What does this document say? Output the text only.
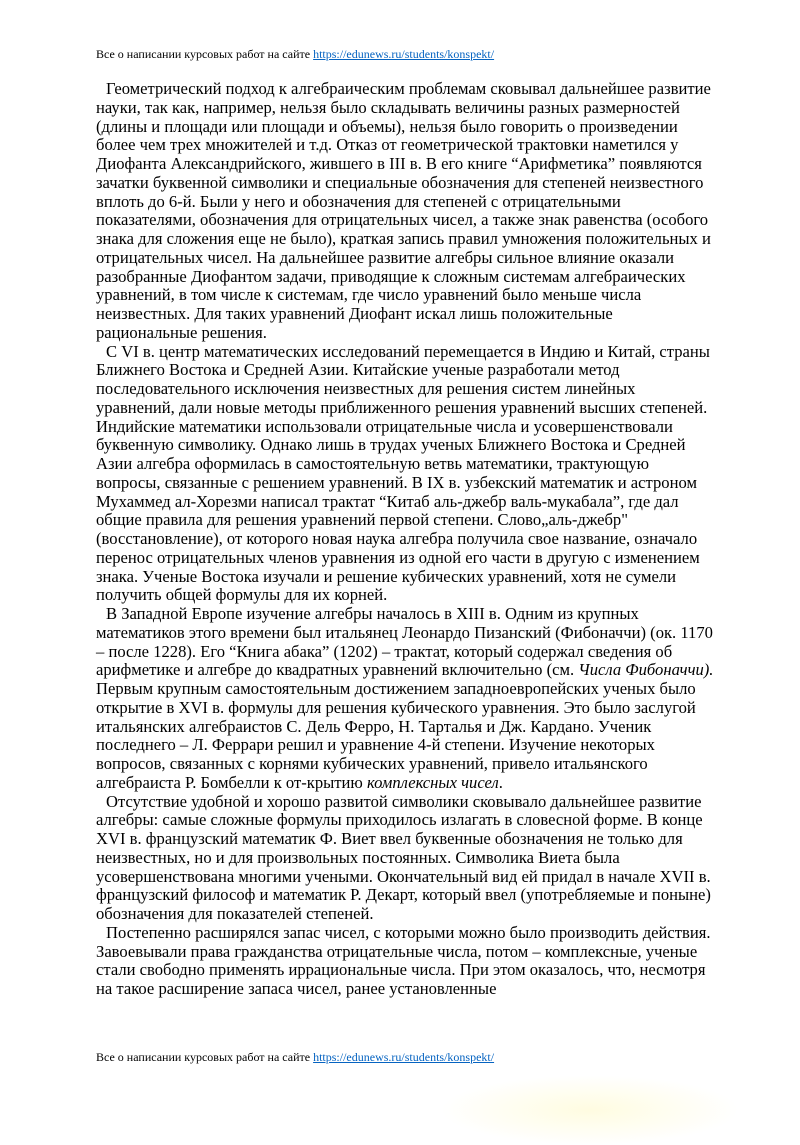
Все о написании курсовых работ на сайте https://edunews.ru/students/konspekt/

Геометрический подход к алгебраическим проблемам сковывал дальнейшее развитие науки, так как, например, нельзя было складывать величины разных размерностей (длины и площади или площади и объемы), нельзя было говорить о произведении более чем трех множителей и т.д. Отказ от геометрической трактовки наметился у Диофанта Александрийского, жившего в III в. В его книге “Арифметика” появляются зачатки буквенной символики и специальные обозначения для степеней неизвестного вплоть до 6-й. Были у него и обозначения для степеней с отрицательными показателями, обозначения для отрицательных чисел, а также знак равенства (особого знака для сложения еще не было), краткая запись правил умножения положительных и отрицательных чисел. На дальнейшее развитие алгебры сильное влияние оказали разобранные Диофантом задачи, приводящие к сложным системам алгебраических уравнений, в том числе к системам, где число уравнений было меньше числа неизвестных. Для таких уравнений Диофант искал лишь положительные рациональные решения.

С VI в. центр математических исследований перемещается в Индию и Китай, страны Ближнего Востока и Средней Азии. Китайские ученые разработали метод последовательного исключения неизвестных для решения систем линейных уравнений, дали новые методы приближенного решения уравнений высших степеней. Индийские математики использовали отрицательные числа и усовершенствовали буквенную символику. Однако лишь в трудах ученых Ближнего Востока и Средней Азии алгебра оформилась в самостоятельную ветвь математики, трактующую вопросы, связанные с решением уравнений. В IX в. узбекский математик и астроном Мухаммед ал-Хорезми написал трактат “Китаб аль-джебр валь-мукабала”, где дал общие правила для решения уравнений первой степени. Слово„аль-джебр" (восстановление), от которого новая наука алгебра получила свое название, означало перенос отрицательных членов уравнения из одной его части в другую с изменением знака. Ученые Востока изучали и решение кубических уравнений, хотя не сумели получить общей формулы для их корней.

В Западной Европе изучение алгебры началось в XIII в. Одним из крупных математиков этого времени был итальянец Леонардо Пизанский (Фибоначчи) (ок. 1170 – после 1228). Его “Книга абака” (1202) – трактат, который содержал сведения об арифметике и алгебре до квадратных уравнений включительно (см. Числа Фибоначчи). Первым крупным самостоятельным достижением западноевропейских ученых было открытие в XVI в. формулы для решения кубического уравнения. Это было заслугой итальянских алгебраистов С. Дель Ферро, Н. Тарталья и Дж. Кардано. Ученик последнего – Л. Феррари решил и уравнение 4-й степени. Изучение некоторых вопросов, связанных с корнями кубических уравнений, привело итальянского алгебраиста Р. Бомбелли к от-крытию комплексных чисел.

Отсутствие удобной и хорошо развитой символики сковывало дальнейшее развитие алгебры: самые сложные формулы приходилось излагать в словесной форме. В конце XVI в. французский математик Ф. Виет ввел буквенные обозначения не только для неизвестных, но и для произвольных постоянных. Символика Виета была усовершенствована многими учеными. Окончательный вид ей придал в начале XVII в. французский философ и математик Р. Декарт, который ввел (употребляемые и поныне) обозначения для показателей степеней.

Постепенно расширялся запас чисел, с которыми можно было производить действия. Завоевывали права гражданства отрицательные числа, потом – комплексные, ученые стали свободно применять иррациональные числа. При этом оказалось, что, несмотря на такое расширение запаса чисел, ранее установленные

Все о написании курсовых работ на сайте https://edunews.ru/students/konspekt/
